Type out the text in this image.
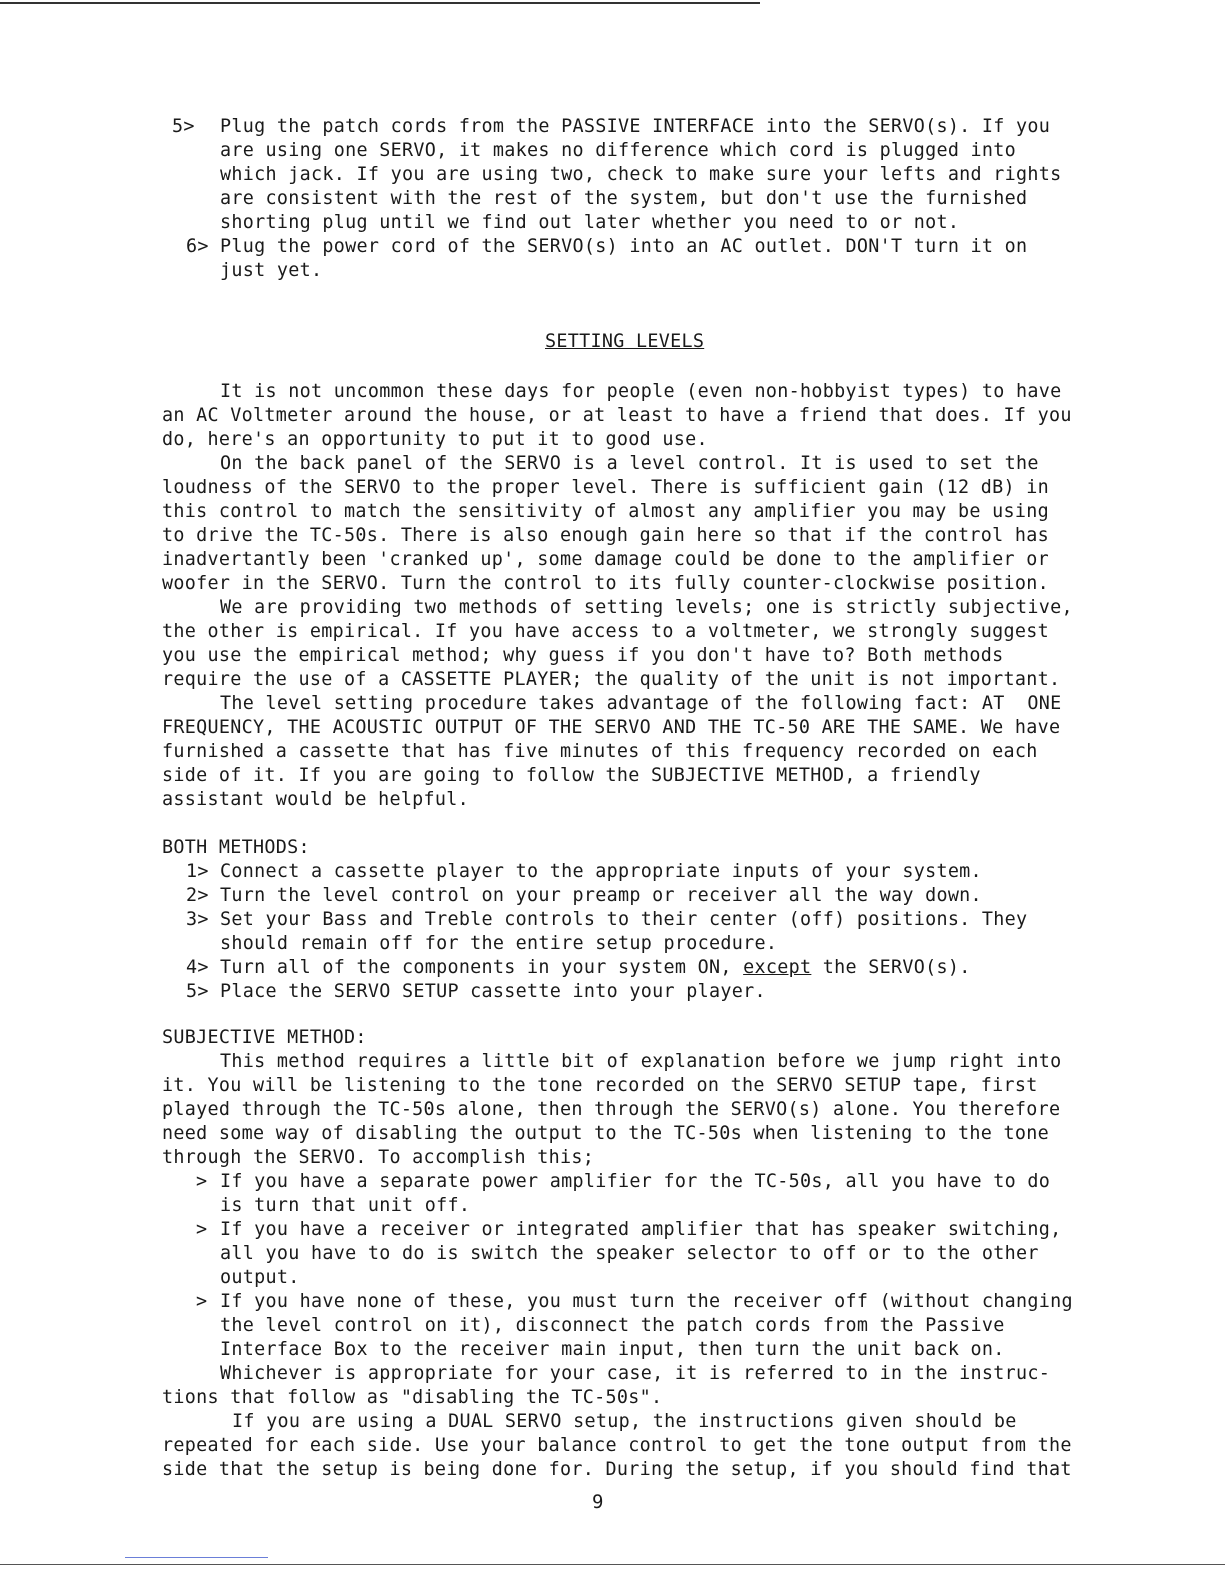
5> Plug the patch cords from the PASSIVE INTERFACE into the SERVO(s). If you
are using one SERVO, it makes no difference which cord is plugged into
which jack. If you are using two, check to make sure your lefts and rights
are consistent with the rest of the system, but don't use the furnished
shorting plug until we find out later whether you need to or not.
6> Plug the power cord of the SERVO(s) into an AC outlet. DON'T turn it on
just yet.
SETTING LEVELS
It is not uncommon these days for people (even non-hobbyist types) to have
an AC Voltmeter around the house, or at least to have a friend that does. If you
do, here's an opportunity to put it to good use.
On the back panel of the SERVO is a level control. It is used to set the
loudness of the SERVO to the proper level. There is sufficient gain (12 dB) in
this control to match the sensitivity of almost any amplifier you may be using
to drive the TC-50s. There is also enough gain here so that if the control has
inadvertantly been 'cranked up', some damage could be done to the amplifier or
woofer in the SERVO. Turn the control to its fully counter-clockwise position.
We are providing two methods of setting levels; one is strictly subjective,
the other is empirical. If you have access to a voltmeter, we strongly suggest
you use the empirical method; why guess if you don't have to? Both methods
require the use of a CASSETTE PLAYER; the quality of the unit is not important.
The level setting procedure takes advantage of the following fact: AT  ONE
FREQUENCY, THE ACOUSTIC OUTPUT OF THE SERVO AND THE TC-50 ARE THE SAME. We have
furnished a cassette that has five minutes of this frequency recorded on each
side of it. If you are going to follow the SUBJECTIVE METHOD, a friendly
assistant would be helpful.
BOTH METHODS:
1> Connect a cassette player to the appropriate inputs of your system.
2> Turn the level control on your preamp or receiver all the way down.
3> Set your Bass and Treble controls to their center (off) positions. They
should remain off for the entire setup procedure.
4> Turn all of the components in your system ON, except the SERVO(s).
5> Place the SERVO SETUP cassette into your player.
SUBJECTIVE METHOD:
This method requires a little bit of explanation before we jump right into
it. You will be listening to the tone recorded on the SERVO SETUP tape, first
played through the TC-50s alone, then through the SERVO(s) alone. You therefore
need some way of disabling the output to the TC-50s when listening to the tone
through the SERVO. To accomplish this;
> If you have a separate power amplifier for the TC-50s, all you have to do
is turn that unit off.
> If you have a receiver or integrated amplifier that has speaker switching,
all you have to do is switch the speaker selector to off or to the other
output.
> If you have none of these, you must turn the receiver off (without changing
the level control on it), disconnect the patch cords from the Passive
Interface Box to the receiver main input, then turn the unit back on.
Whichever is appropriate for your case, it is referred to in the instruc-
tions that follow as "disabling the TC-50s".
If you are using a DUAL SERVO setup, the instructions given should be
repeated for each side. Use your balance control to get the tone output from the
side that the setup is being done for. During the setup, if you should find that
9
